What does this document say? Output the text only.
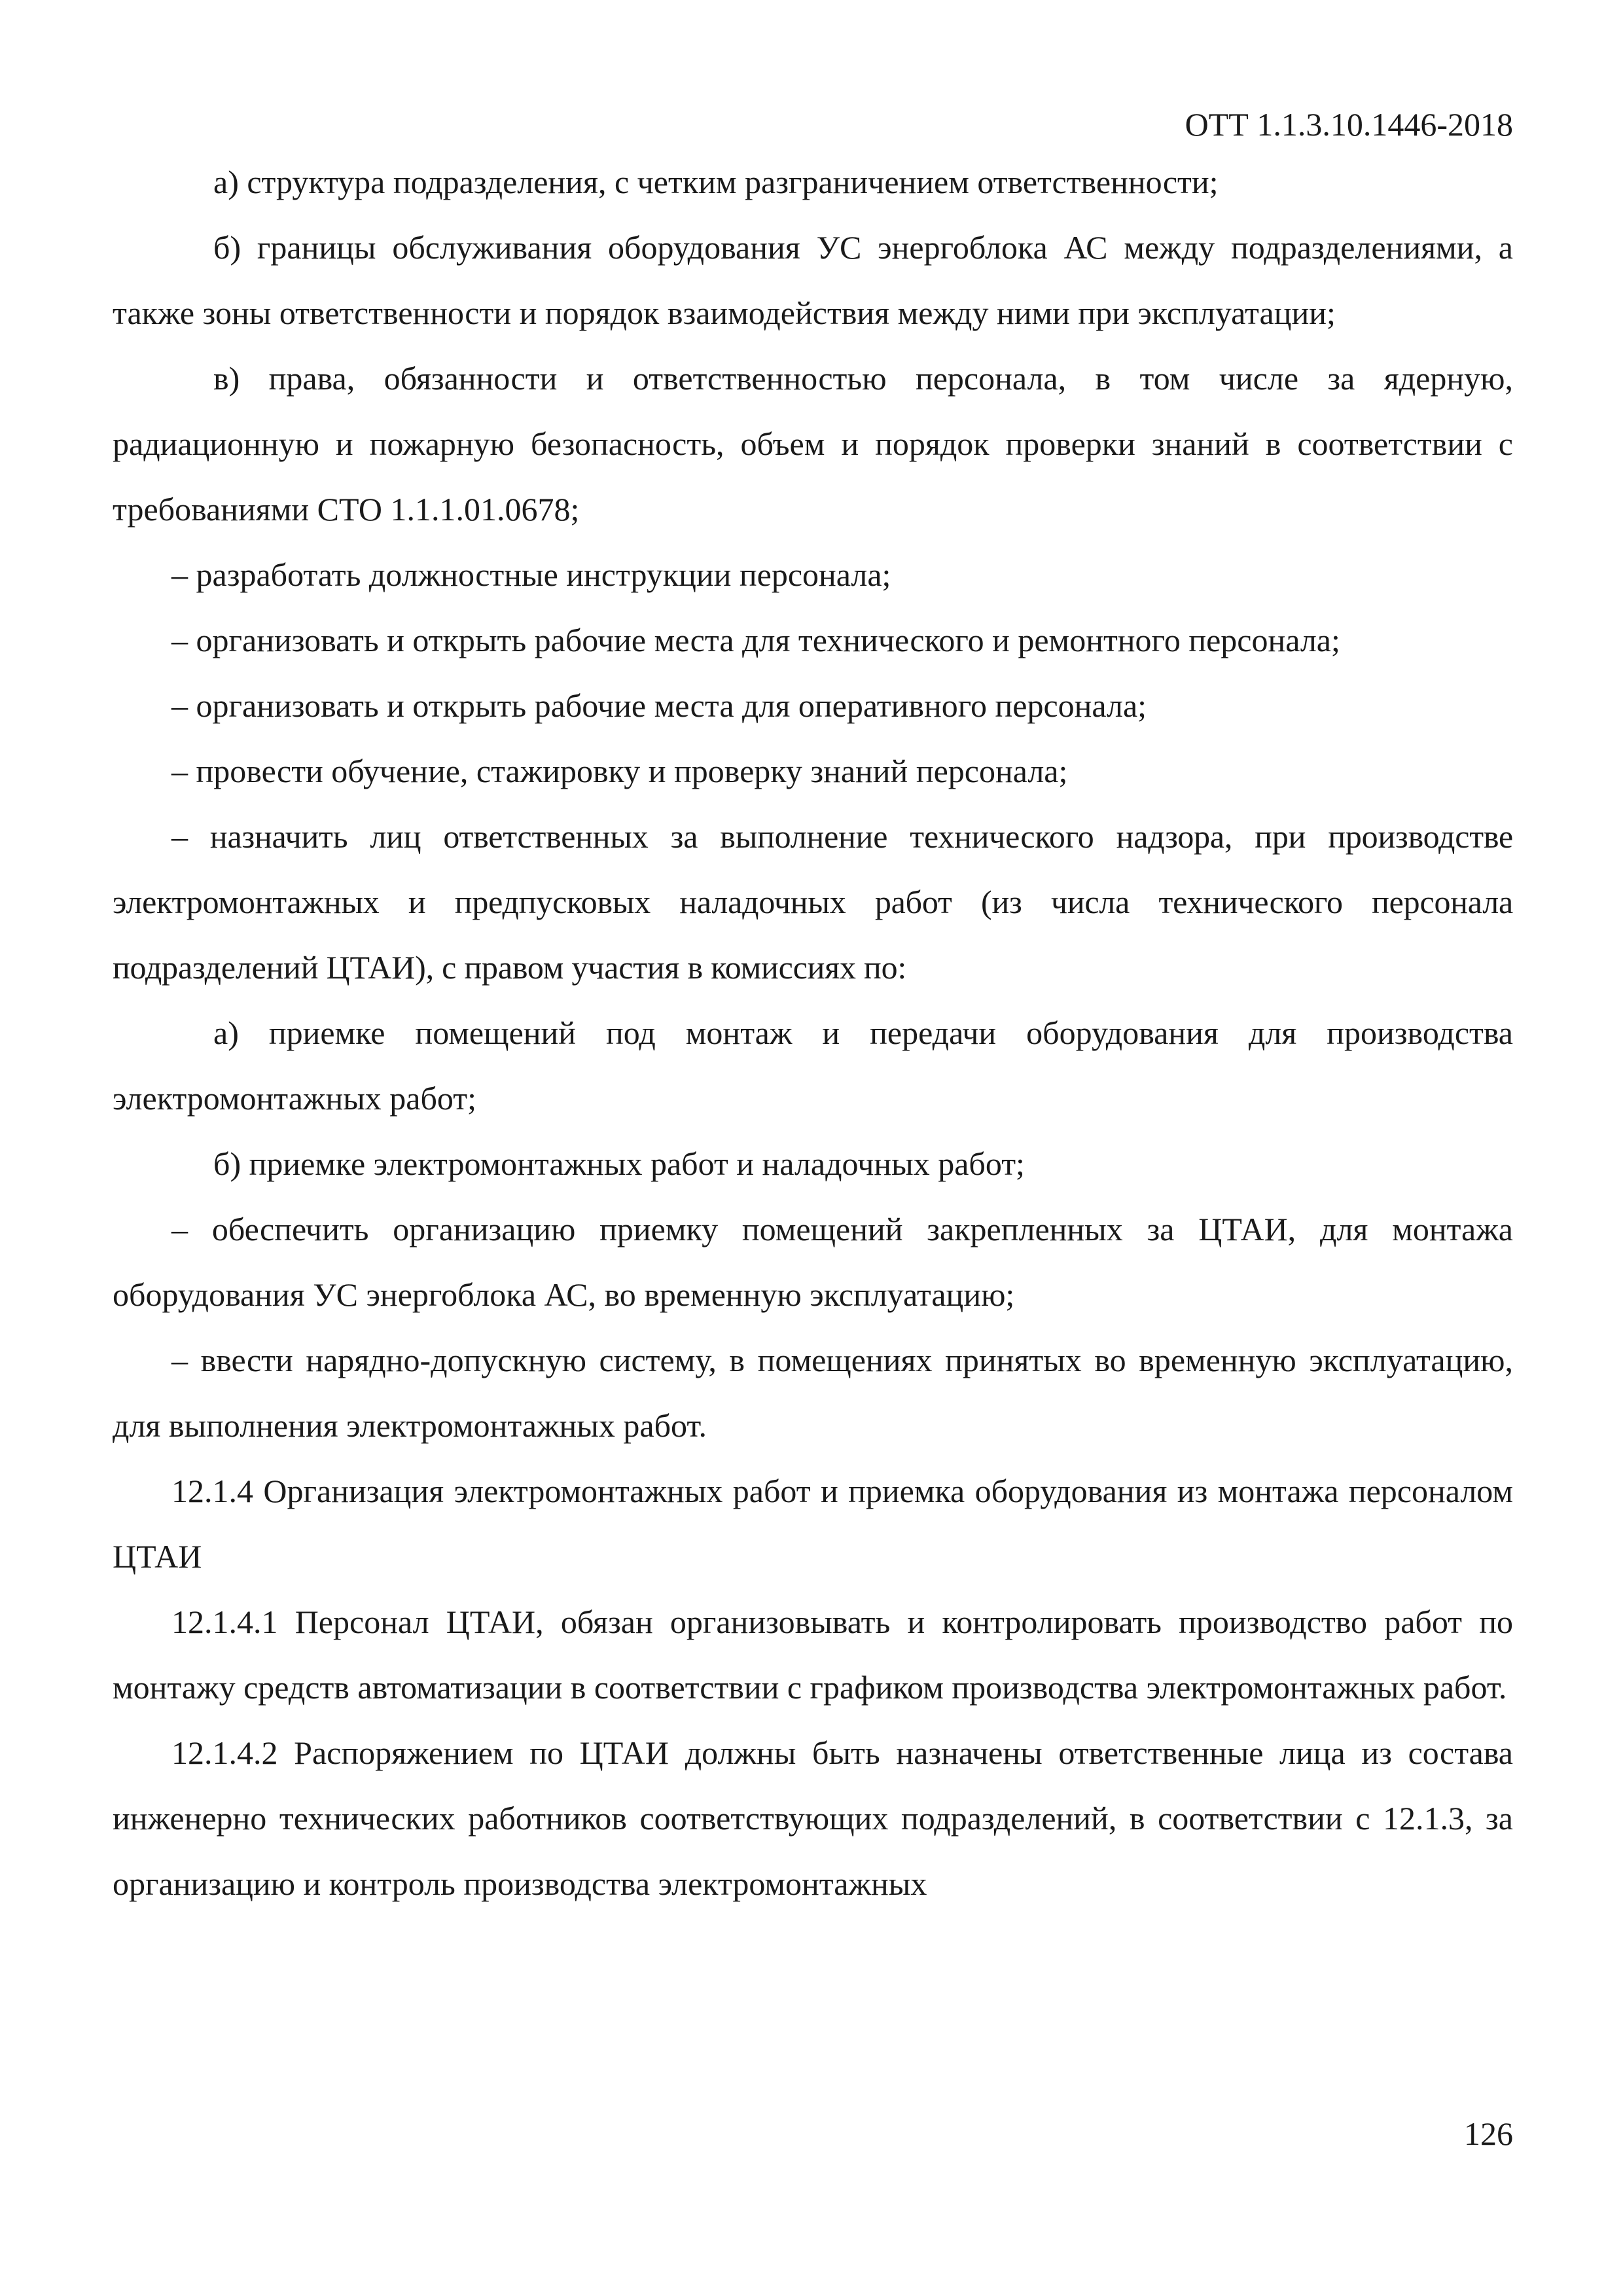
ОТТ 1.1.3.10.1446-2018

а) структура подразделения, с четким разграничением ответственности;

б) границы обслуживания оборудования УС энергоблока АС между подразделениями, а также зоны ответственности и порядок взаимодействия между ними при эксплуатации;

в) права, обязанности и ответственностью персонала, в том числе за ядерную, радиационную и пожарную безопасность, объем и порядок проверки знаний в соответствии с требованиями СТО 1.1.1.01.0678;

– разработать должностные инструкции персонала;

– организовать и открыть рабочие места для технического и ремонтного персонала;

– организовать и открыть рабочие места для оперативного персонала;

– провести обучение, стажировку и проверку знаний персонала;

– назначить лиц ответственных за выполнение технического надзора, при производстве электромонтажных и предпусковых наладочных работ (из числа технического персонала подразделений ЦТАИ), с правом участия в комиссиях по:

а) приемке помещений под монтаж и передачи оборудования для производства электромонтажных работ;

б) приемке электромонтажных работ и наладочных работ;

– обеспечить организацию приемку помещений закрепленных за ЦТАИ, для монтажа оборудования УС энергоблока АС, во временную эксплуатацию;

– ввести нарядно-допускную систему, в помещениях принятых во временную эксплуатацию, для выполнения электромонтажных работ.

12.1.4 Организация электромонтажных работ и приемка оборудования из монтажа персоналом ЦТАИ

12.1.4.1 Персонал ЦТАИ, обязан организовывать и контролировать производство работ по монтажу средств автоматизации в соответствии с графиком производства электромонтажных работ.

12.1.4.2 Распоряжением по ЦТАИ должны быть назначены ответственные лица из состава инженерно технических работников соответствующих подразделений, в соответствии с 12.1.3, за организацию и контроль производства электромонтажных

126
